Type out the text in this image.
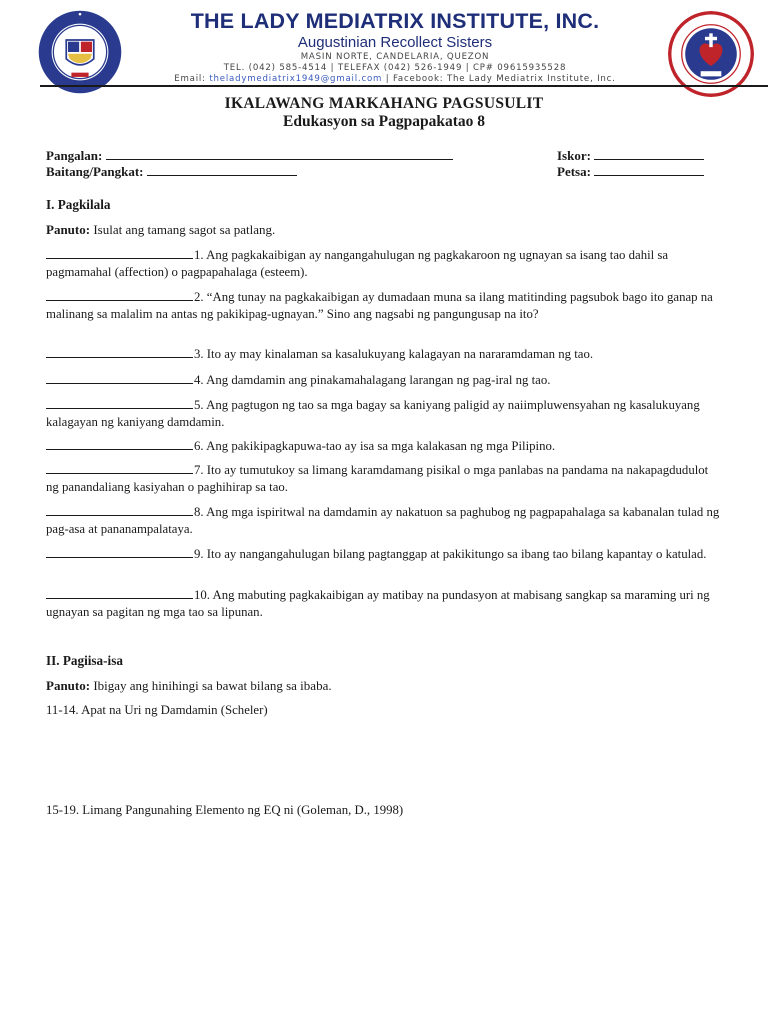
THE LADY MEDIATRIX INSTITUTE, INC.
Augustinian Recollect Sisters
MASIN NORTE, CANDELARIA, QUEZON
TEL. (042) 585-4514 | TELEFAX (042) 526-1949 | CP# 09615935528
Email: theladymediatrix1949@gmail.com | Facebook: The Lady Mediatrix Institute, Inc.
IKALAWANG MARKAHANG PAGSUSULIT
Edukasyon sa Pagpapakatao 8
Pangalan:	Iskor:
Baitang/Pangkat:	Petsa:
I. Pagkilala
Panuto: Isulat ang tamang sagot sa patlang.
1. Ang pagkakaibigan ay nangangahulugan ng pagkakaroon ng ugnayan sa isang tao dahil sa pagmamahal (affection) o pagpapahalaga (esteem).
2. “Ang tunay na pagkakaibigan ay dumadaan muna sa ilang matitinding pagsubok bago ito ganap na malinang sa malalim na antas ng pakikipag-ugnayan.” Sino ang nagsabi ng pangungusap na ito?
3. Ito ay may kinalaman sa kasalukuyang kalagayan na nararamdaman ng tao.
4. Ang damdamin ang pinakamahalagang larangan ng pag-iral ng tao.
5. Ang pagtugon ng tao sa mga bagay sa kaniyang paligid ay naiimpluwensyahan ng kasalukuyang kalagayan ng kaniyang damdamin.
6. Ang pakikipagkapuwa-tao ay isa sa mga kalakasan ng mga Pilipino.
7. Ito ay tumutukoy sa limang karamdamang pisikal o mga panlabas na pandama na nakapagdudulot ng panandaliang kasiyahan o paghihirap sa tao.
8. Ang mga ispiritwal na damdamin ay nakatuon sa paghubog ng pagpapahalaga sa kabanalan tulad ng pag-asa at pananampalataya.
9. Ito ay nangangahulugan bilang pagtanggap at pakikitungo sa ibang tao bilang kapantay o katulad.
10. Ang mabuting pagkakaibigan ay matibay na pundasyon at mabisang sangkap sa maraming uri ng ugnayan sa pagitan ng mga tao sa lipunan.
II. Pagiisa-isa
Panuto: Ibigay ang hinihingi sa bawat bilang sa ibaba.
11-14. Apat na Uri ng Damdamin (Scheler)
15-19. Limang Pangunahing Elemento ng EQ ni (Goleman, D., 1998)
